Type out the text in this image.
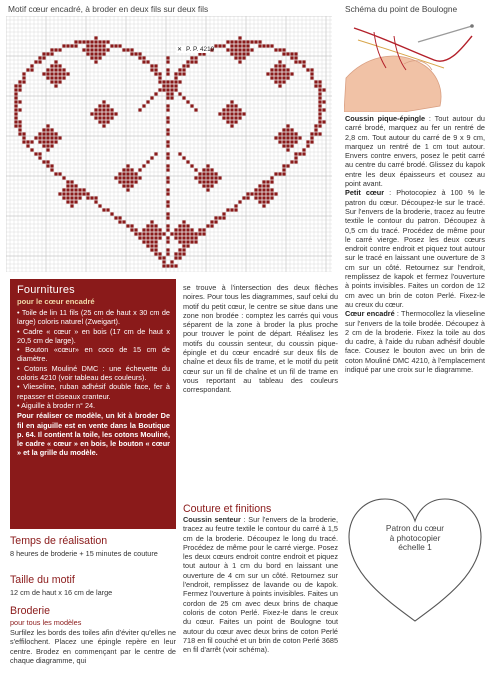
Motif cœur encadré, à broder en deux fils sur deux fils	Schéma du point de Boulogne
P. P. 4210
✕

Coussin pique-épingle : Tout autour du carré brodé, marquez au fer un rentré de 2,8 cm. Tout autour du carré de 9 x 9 cm, marquez un rentré de 1 cm tout autour. Envers contre envers, posez le petit carré au centre du carré brodé. Glissez du kapok entre les deux épaisseurs et cousez au point avant.

Petit cœur : Photocopiez à 100 % le patron du cœur. Découpez-le sur le tracé. Sur l'envers de la broderie, tracez au feutre textile le contour du patron. Découpez à 0,5 cm du tracé. Procédez de même pour le carré vierge. Posez les deux cœurs endroit contre endroit et piquez tout autour sur le tracé en laissant une ouverture de 3 cm sur un côté. Retournez sur l'endroit, remplissez de kapok et fermez l'ouverture à points invisibles. Faites un cordon de 12 cm avec un brin de coton Perlé. Fixez-le au creux du cœur.

Cœur encadré : Thermocollez la vlieseline sur l'envers de la toile brodée. Découpez à 2 cm de la broderie. Fixez la toile au dos du cadre, à l'aide du ruban adhésif double face. Cousez le bouton avec un brin de coton Mouliné DMC 4210, à l'emplacement indiqué par une croix sur le diagramme.

Fournitures
pour le cœur encadré
• Toile de lin 11 fils (25 cm de haut x 30 cm de large) coloris naturel (Zweigart).
• Cadre « cœur » en bois (17 cm de haut x 20,5 cm de large).
• Bouton «cœur» en coco de 15 cm de diamètre.
• Cotons Mouliné DMC : une échevette du coloris 4210 (voir tableau des couleurs).
• Vlieseline, ruban adhésif double face, fer à repasser et ciseaux cranteur.
• Aiguille à broder n° 24.

Pour réaliser ce modèle, un kit à broder De fil en aiguille est en vente dans la Boutique p. 64. Il contient la toile, les cotons Mouliné, le cadre « cœur » en bois, le bouton « cœur » et la grille du modèle.

Temps de réalisation
8 heures de broderie + 15 minutes de couture
Taille du motif
12 cm de haut x 16 cm de large
Broderie
pour tous les modèles
Surfilez les bords des toiles afin d'éviter qu'elles ne s'effilochent. Placez une épingle repère en leur centre. Brodez en commençant par le centre de chaque diagramme, qui
se trouve à l'intersection des deux flèches noires. Pour tous les diagrammes, sauf celui du motif du petit cœur, le centre se situe dans une zone non brodée : comptez les carrés qui vous séparent de la zone à broder la plus proche pour trouver le point de départ. Réalisez les motifs du coussin senteur, du coussin pique-épingle et du cœur encadré sur deux fils de chaîne et deux fils de trame, et le motif du petit cœur sur un fil de chaîne et un fil de trame en vous reportant au tableau des couleurs correspondant.
Couture et finitions
Coussin senteur : Sur l'envers de la broderie, tracez au feutre textile le contour du carré à 1,5 cm de la broderie. Découpez le long du tracé. Procédez de même pour le carré vierge. Posez les deux cœurs endroit contre endroit et piquez tout autour à 1 cm du bord en laissant une ouverture de 4 cm sur un côté. Retournez sur l'endroit, remplissez de lavande ou de kapok. Fermez l'ouverture à points invisibles. Faites un cordon de 25 cm avec deux brins de chaque coloris de coton Perlé. Fixez-le dans le creux du cœur. Faites un point de Boulogne tout autour du cœur avec deux brins de coton Perlé 718 en fil couché et un brin de coton Perlé 3685 en fil d'arrêt (voir schéma).
Patron du cœur
à photocopier
échelle 1
